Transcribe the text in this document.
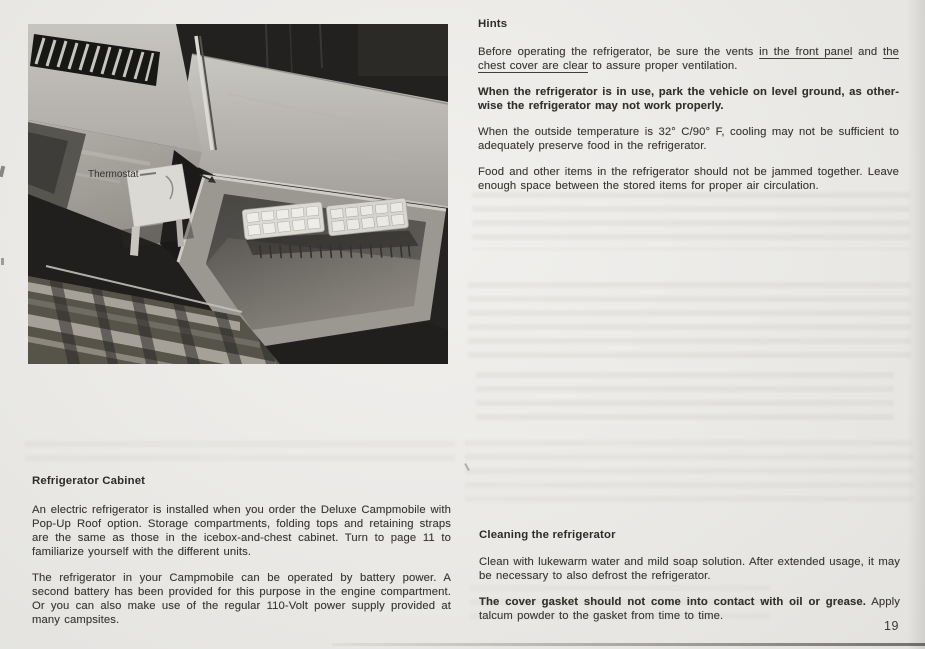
Thermostat
Hints

Before operating the refrigerator, be sure the vents in the front panel and the chest cover are clear to assure proper ventilation.

When the refrigerator is in use, park the vehicle on level ground, as otherwise the refrigerator may not work properly.

When the outside temperature is 32° C/90° F, cooling may not be sufficient to adequately preserve food in the refrigerator.

Food and other items in the refrigerator should not be jammed together. Leave enough space between the stored items for proper air circulation.

Refrigerator Cabinet

An electric refrigerator is installed when you order the Deluxe Campmobile with Pop-Up Roof option. Storage compartments, folding tops and retaining straps are the same as those in the icebox-and-chest cabinet. Turn to page 11 to familiarize yourself with the different units.

The refrigerator in your Campmobile can be operated by battery power. A second battery has been provided for this purpose in the engine compartment. Or you can also make use of the regular 110-Volt power supply provided at many campsites.

Cleaning the refrigerator

Clean with lukewarm water and mild soap solution. After extended usage, it may be necessary to also defrost the refrigerator.

The cover gasket should not come into contact with oil or grease. Apply talcum powder to the gasket from time to time.

19
